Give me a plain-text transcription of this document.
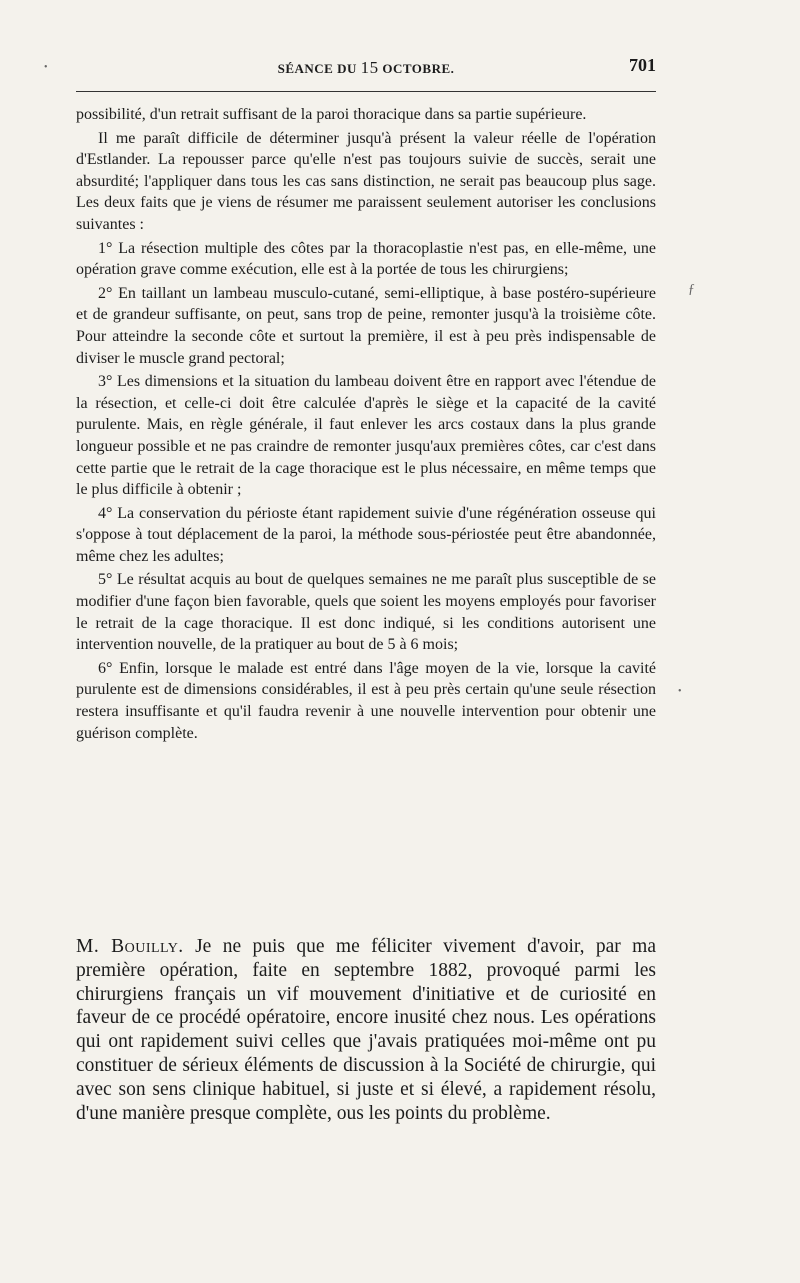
SÉANCE DU 15 OCTOBRE.	701

possibilité, d'un retrait suffisant de la paroi thoracique dans sa partie supérieure.

Il me paraît difficile de déterminer jusqu'à présent la valeur réelle de l'opération d'Estlander. La repousser parce qu'elle n'est pas toujours suivie de succès, serait une absurdité; l'appliquer dans tous les cas sans distinction, ne serait pas beaucoup plus sage. Les deux faits que je viens de résumer me paraissent seulement autoriser les conclusions suivantes :

1° La résection multiple des côtes par la thoracoplastie n'est pas, en elle-même, une opération grave comme exécution, elle est à la portée de tous les chirurgiens;

2° En taillant un lambeau musculo-cutané, semi-elliptique, à base postéro-supérieure et de grandeur suffisante, on peut, sans trop de peine, remonter jusqu'à la troisième côte. Pour atteindre la seconde côte et surtout la première, il est à peu près indispensable de diviser le muscle grand pectoral;

3° Les dimensions et la situation du lambeau doivent être en rapport avec l'étendue de la résection, et celle-ci doit être calculée d'après le siège et la capacité de la cavité purulente. Mais, en règle générale, il faut enlever les arcs costaux dans la plus grande longueur possible et ne pas craindre de remonter jusqu'aux premières côtes, car c'est dans cette partie que le retrait de la cage thoracique est le plus nécessaire, en même temps que le plus difficile à obtenir ;

4° La conservation du périoste étant rapidement suivie d'une régénération osseuse qui s'oppose à tout déplacement de la paroi, la méthode sous-périostée peut être abandonnée, même chez les adultes;

5° Le résultat acquis au bout de quelques semaines ne me paraît plus susceptible de se modifier d'une façon bien favorable, quels que soient les moyens employés pour favoriser le retrait de la cage thoracique. Il est donc indiqué, si les conditions autorisent une intervention nouvelle, de la pratiquer au bout de 5 à 6 mois;

6° Enfin, lorsque le malade est entré dans l'âge moyen de la vie, lorsque la cavité purulente est de dimensions considérables, il est à peu près certain qu'une seule résection restera insuffisante et qu'il faudra revenir à une nouvelle intervention pour obtenir une guérison complète.

M. Bouilly. Je ne puis que me féliciter vivement d'avoir, par ma première opération, faite en septembre 1882, provoqué parmi les chirurgiens français un vif mouvement d'initiative et de curiosité en faveur de ce procédé opératoire, encore inusité chez nous. Les opérations qui ont rapidement suivi celles que j'avais pratiquées moi-même ont pu constituer de sérieux éléments de discussion à la Société de chirurgie, qui avec son sens clinique habituel, si juste et si élevé, a rapidement résolu, d'une manière presque complète, ous les points du problème.

ƒ
•
•
